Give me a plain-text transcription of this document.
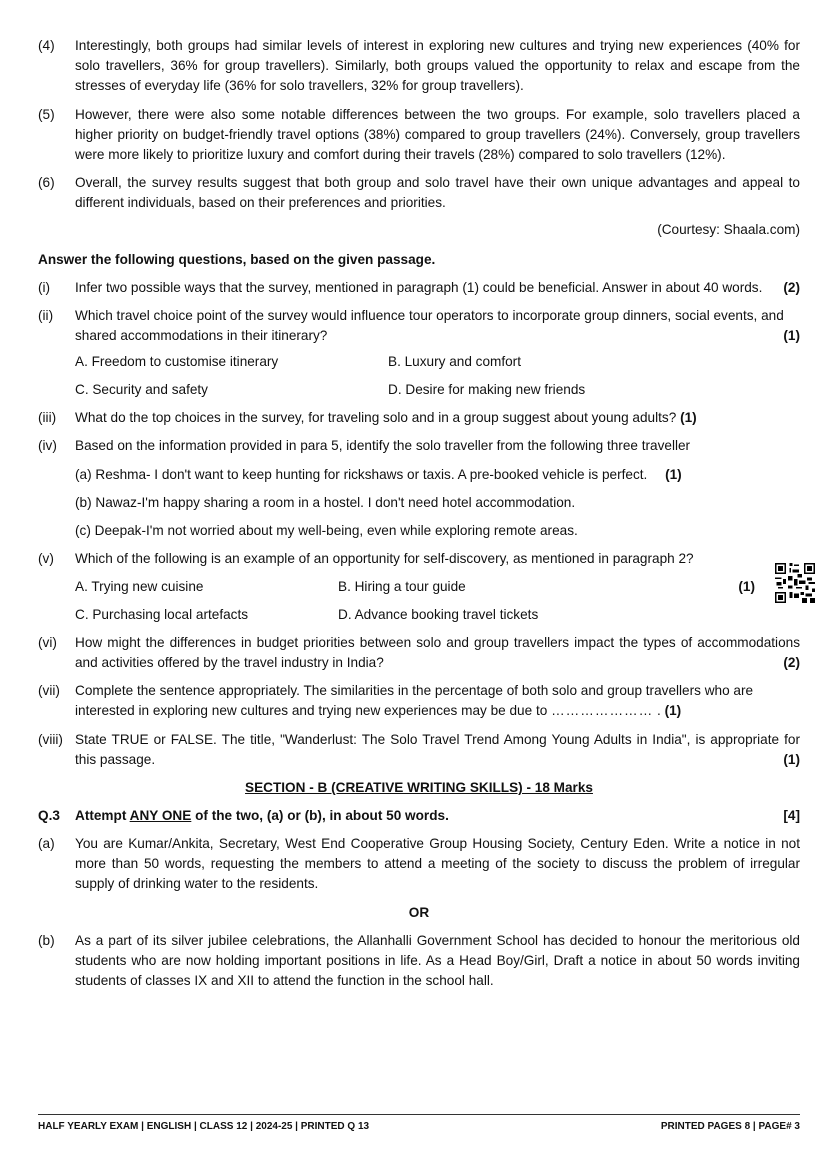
(4)	Interestingly, both groups had similar levels of interest in exploring new cultures and trying new experiences (40% for solo travellers, 36% for group travellers). Similarly, both groups valued the opportunity to relax and escape from the stresses of everyday life (36% for solo travellers, 32% for group travellers).
(5)	However, there were also some notable differences between the two groups. For example, solo travellers placed a higher priority on budget-friendly travel options (38%) compared to group travellers (24%). Conversely, group travellers were more likely to prioritize luxury and comfort during their travels (28%) compared to solo travellers (12%).
(6)	Overall, the survey results suggest that both group and solo travel have their own unique advantages and appeal to different individuals, based on their preferences and priorities.
(Courtesy: Shaala.com)
Answer the following questions, based on the given passage.
(i)	Infer two possible ways that the survey, mentioned in paragraph (1) could be beneficial. Answer in about 40 words. (2)
(ii)	Which travel choice point of the survey would influence tour operators to incorporate group dinners, social events, and shared accommodations in their itinerary?	(1)
A. Freedom to customise itinerary	B. Luxury and comfort
C. Security and safety	D. Desire for making new friends
(iii)	What do the top choices in the survey, for traveling solo and in a group suggest about young adults? (1)
(iv)	Based on the information provided in para 5, identify the solo traveller from the following three traveller
(a) Reshma- I don't want to keep hunting for rickshaws or taxis. A pre-booked vehicle is perfect. (1)
(b) Nawaz-I'm happy sharing a room in a hostel. I don't need hotel accommodation.
(c) Deepak-I'm not worried about my well-being, even while exploring remote areas.
(v)	Which of the following is an example of an opportunity for self-discovery, as mentioned in paragraph 2?
A. Trying new cuisine	B. Hiring a tour guide	(1)
C. Purchasing local artefacts	D. Advance booking travel tickets
(vi)	How might the differences in budget priorities between solo and group travellers impact the types of accommodations and activities offered by the travel industry in India?	(2)
(vii)	Complete the sentence appropriately. The similarities in the percentage of both solo and group travellers who are interested in exploring new cultures and trying new experiences may be due to ………………… . (1)
(viii) State TRUE or FALSE. The title, "Wanderlust: The Solo Travel Trend Among Young Adults in India", is appropriate for this passage.	(1)
SECTION - B (CREATIVE WRITING SKILLS) - 18 Marks
Q.3	Attempt ANY ONE of the two, (a) or (b), in about 50 words.	[4]
(a)	You are Kumar/Ankita, Secretary, West End Cooperative Group Housing Society, Century Eden. Write a notice in not more than 50 words, requesting the members to attend a meeting of the society to discuss the problem of irregular supply of drinking water to the residents.
OR
(b)	As a part of its silver jubilee celebrations, the Allanhalli Government School has decided to honour the meritorious old students who are now holding important positions in life. As a Head Boy/Girl, Draft a notice in about 50 words inviting students of classes IX and XII to attend the function in the school hall.
HALF YEARLY EXAM | ENGLISH | CLASS 12 | 2024-25 | PRINTED Q 13	PRINTED PAGES 8 | PAGE# 3
